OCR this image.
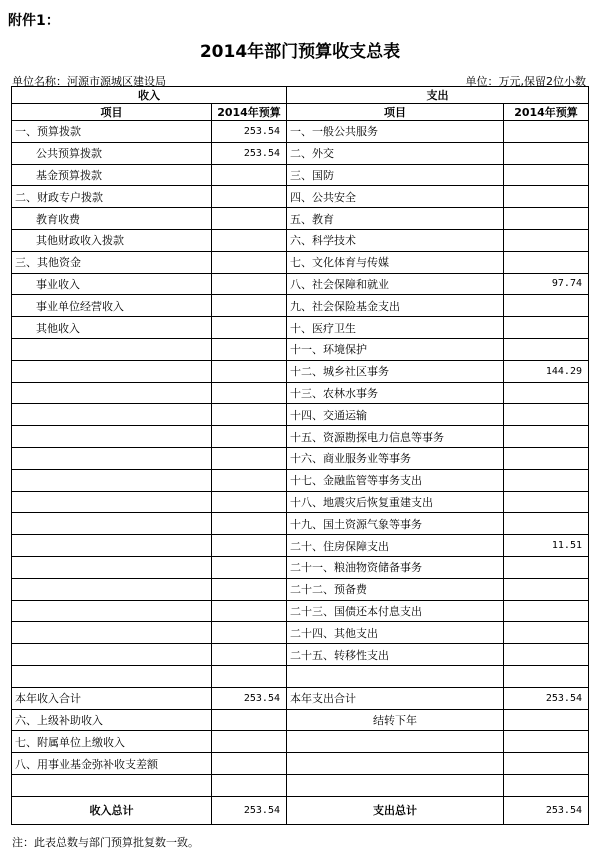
附件1：
2014年部门预算收支总表
单位名称：河源市源城区建设局	单位：万元,保留2位小数
收入		支出	
项目	2014年预算	项目	2014年预算
一、预算拨款	253.54	一、一般公共服务	
公共预算拨款	253.54	二、外交	
基金预算拨款		三、国防	
二、财政专户拨款		四、公共安全	
教育收费		五、教育	
其他财政收入拨款		六、科学技术	
三、其他资金		七、文化体育与传媒	
事业收入		八、社会保障和就业	97.74
事业单位经营收入		九、社会保险基金支出	
其他收入		十、医疗卫生	
		十一、环境保护	
		十二、城乡社区事务	144.29
		十三、农林水事务	
		十四、交通运输	
		十五、资源勘探电力信息等事务	
		十六、商业服务业等事务	
		十七、金融监管等事务支出	
		十八、地震灾后恢复重建支出	
		十九、国土资源气象等事务	
		二十、住房保障支出	11.51
		二十一、粮油物资储备事务	
		二十二、预备费	
		二十三、国债还本付息支出	
		二十四、其他支出	
		二十五、转移性支出	

本年收入合计	253.54	本年支出合计	253.54
六、上级补助收入		结转下年	
七、附属单位上缴收入			
八、用事业基金弥补收支差额			

收入总计	253.54	支出总计	253.54
注：此表总数与部门预算批复数一致。
